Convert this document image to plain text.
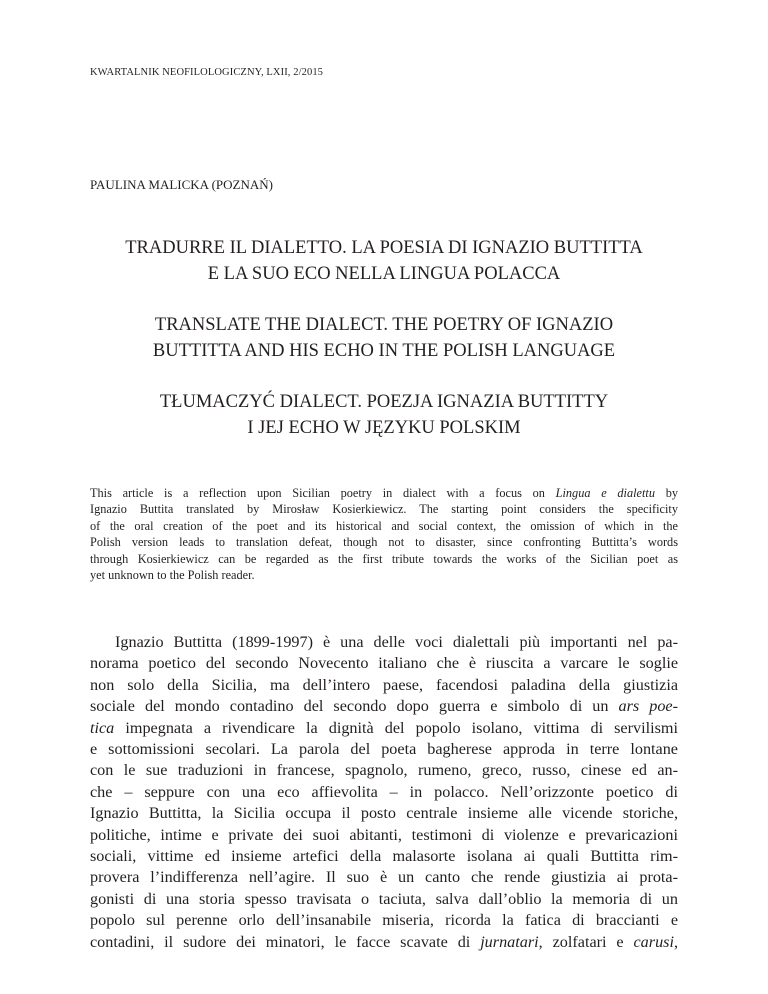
KWARTALNIK NEOFILOLOGICZNY, LXII, 2/2015
PAULINA MALICKA (POZNAŃ)
TRADURRE IL DIALETTO. LA POESIA DI IGNAZIO BUTTITTA
E LA SUO ECO NELLA LINGUA POLACCA
TRANSLATE THE DIALECT. THE POETRY OF IGNAZIO
BUTTITTA AND HIS ECHO IN THE POLISH LANGUAGE
TŁUMACZYĆ DIALECT. POEZJA IGNAZIA BUTTITTY
I JEJ ECHO W JĘZYKU POLSKIM
This article is a reflection upon Sicilian poetry in dialect with a focus on Lingua e dialettu by
Ignazio Buttita translated by Mirosław Kosierkiewicz. The starting point considers the specificity
of the oral creation of the poet and its historical and social context, the omission of which in the
Polish version leads to translation defeat, though not to disaster, since confronting Buttitta’s words
through Kosierkiewicz can be regarded as the first tribute towards the works of the Sicilian poet as
yet unknown to the Polish reader.
Ignazio Buttitta (1899-1997) è una delle voci dialettali più importanti nel pa-
norama poetico del secondo Novecento italiano che è riuscita a varcare le soglie
non solo della Sicilia, ma dell’intero paese, facendosi paladina della giustizia
sociale del mondo contadino del secondo dopo guerra e simbolo di un ars poe-
tica impegnata a rivendicare la dignità del popolo isolano, vittima di servilismi
e sottomissioni secolari. La parola del poeta bagherese approda in terre lontane
con le sue traduzioni in francese, spagnolo, rumeno, greco, russo, cinese ed an-
che – seppure con una eco affievolita – in polacco. Nell’orizzonte poetico di
Ignazio Buttitta, la Sicilia occupa il posto centrale insieme alle vicende storiche,
politiche, intime e private dei suoi abitanti, testimoni di violenze e prevaricazioni
sociali, vittime ed insieme artefici della malasorte isolana ai quali Buttitta rim-
provera l’indifferenza nell’agire. Il suo è un canto che rende giustizia ai prota-
gonisti di una storia spesso travisata o taciuta, salva dall’oblio la memoria di un
popolo sul perenne orlo dell’insanabile miseria, ricorda la fatica di braccianti e
contadini, il sudore dei minatori, le facce scavate di jurnatari, zolfatari e carusi,
